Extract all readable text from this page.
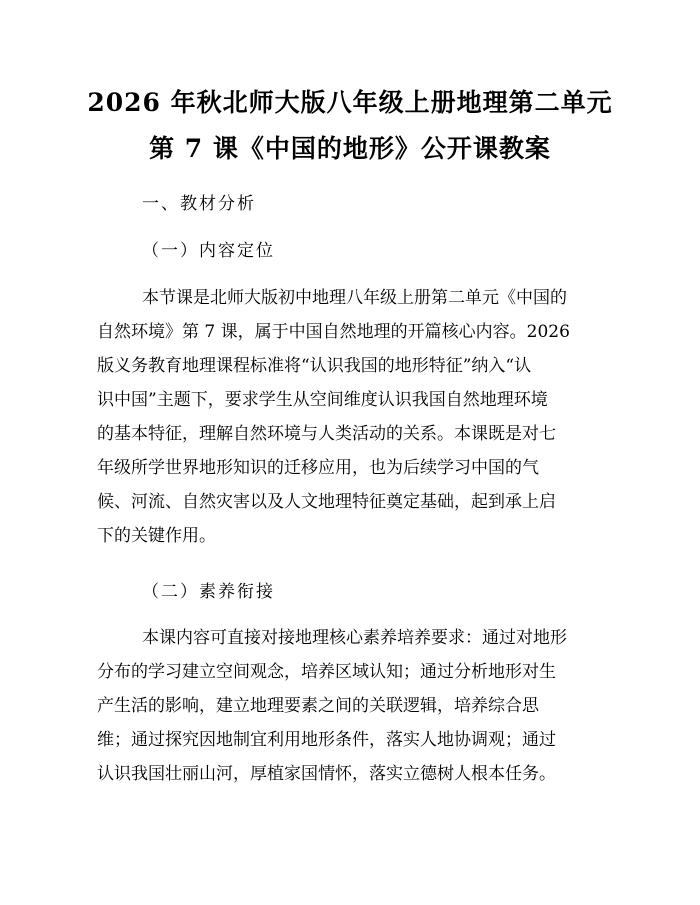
2026 年秋北师大版八年级上册地理第二单元
第 7 课《中国的地形》公开课教案

一、教材分析

（一）内容定位

本节课是北师大版初中地理八年级上册第二单元《中国的

自然环境》第 7 课，属于中国自然地理的开篇核心内容。2026

版义务教育地理课程标准将“认识我国的地形特征”纳入“认

识中国”主题下，要求学生从空间维度认识我国自然地理环境

的基本特征，理解自然环境与人类活动的关系。本课既是对七

年级所学世界地形知识的迁移应用，也为后续学习中国的气

候、河流、自然灾害以及人文地理特征奠定基础，起到承上启

下的关键作用。

（二）素养衔接

本课内容可直接对接地理核心素养培养要求：通过对地形

分布的学习建立空间观念，培养区域认知；通过分析地形对生

产生活的影响，建立地理要素之间的关联逻辑，培养综合思

维；通过探究因地制宜利用地形条件，落实人地协调观；通过

认识我国壮丽山河，厚植家国情怀，落实立德树人根本任务。
